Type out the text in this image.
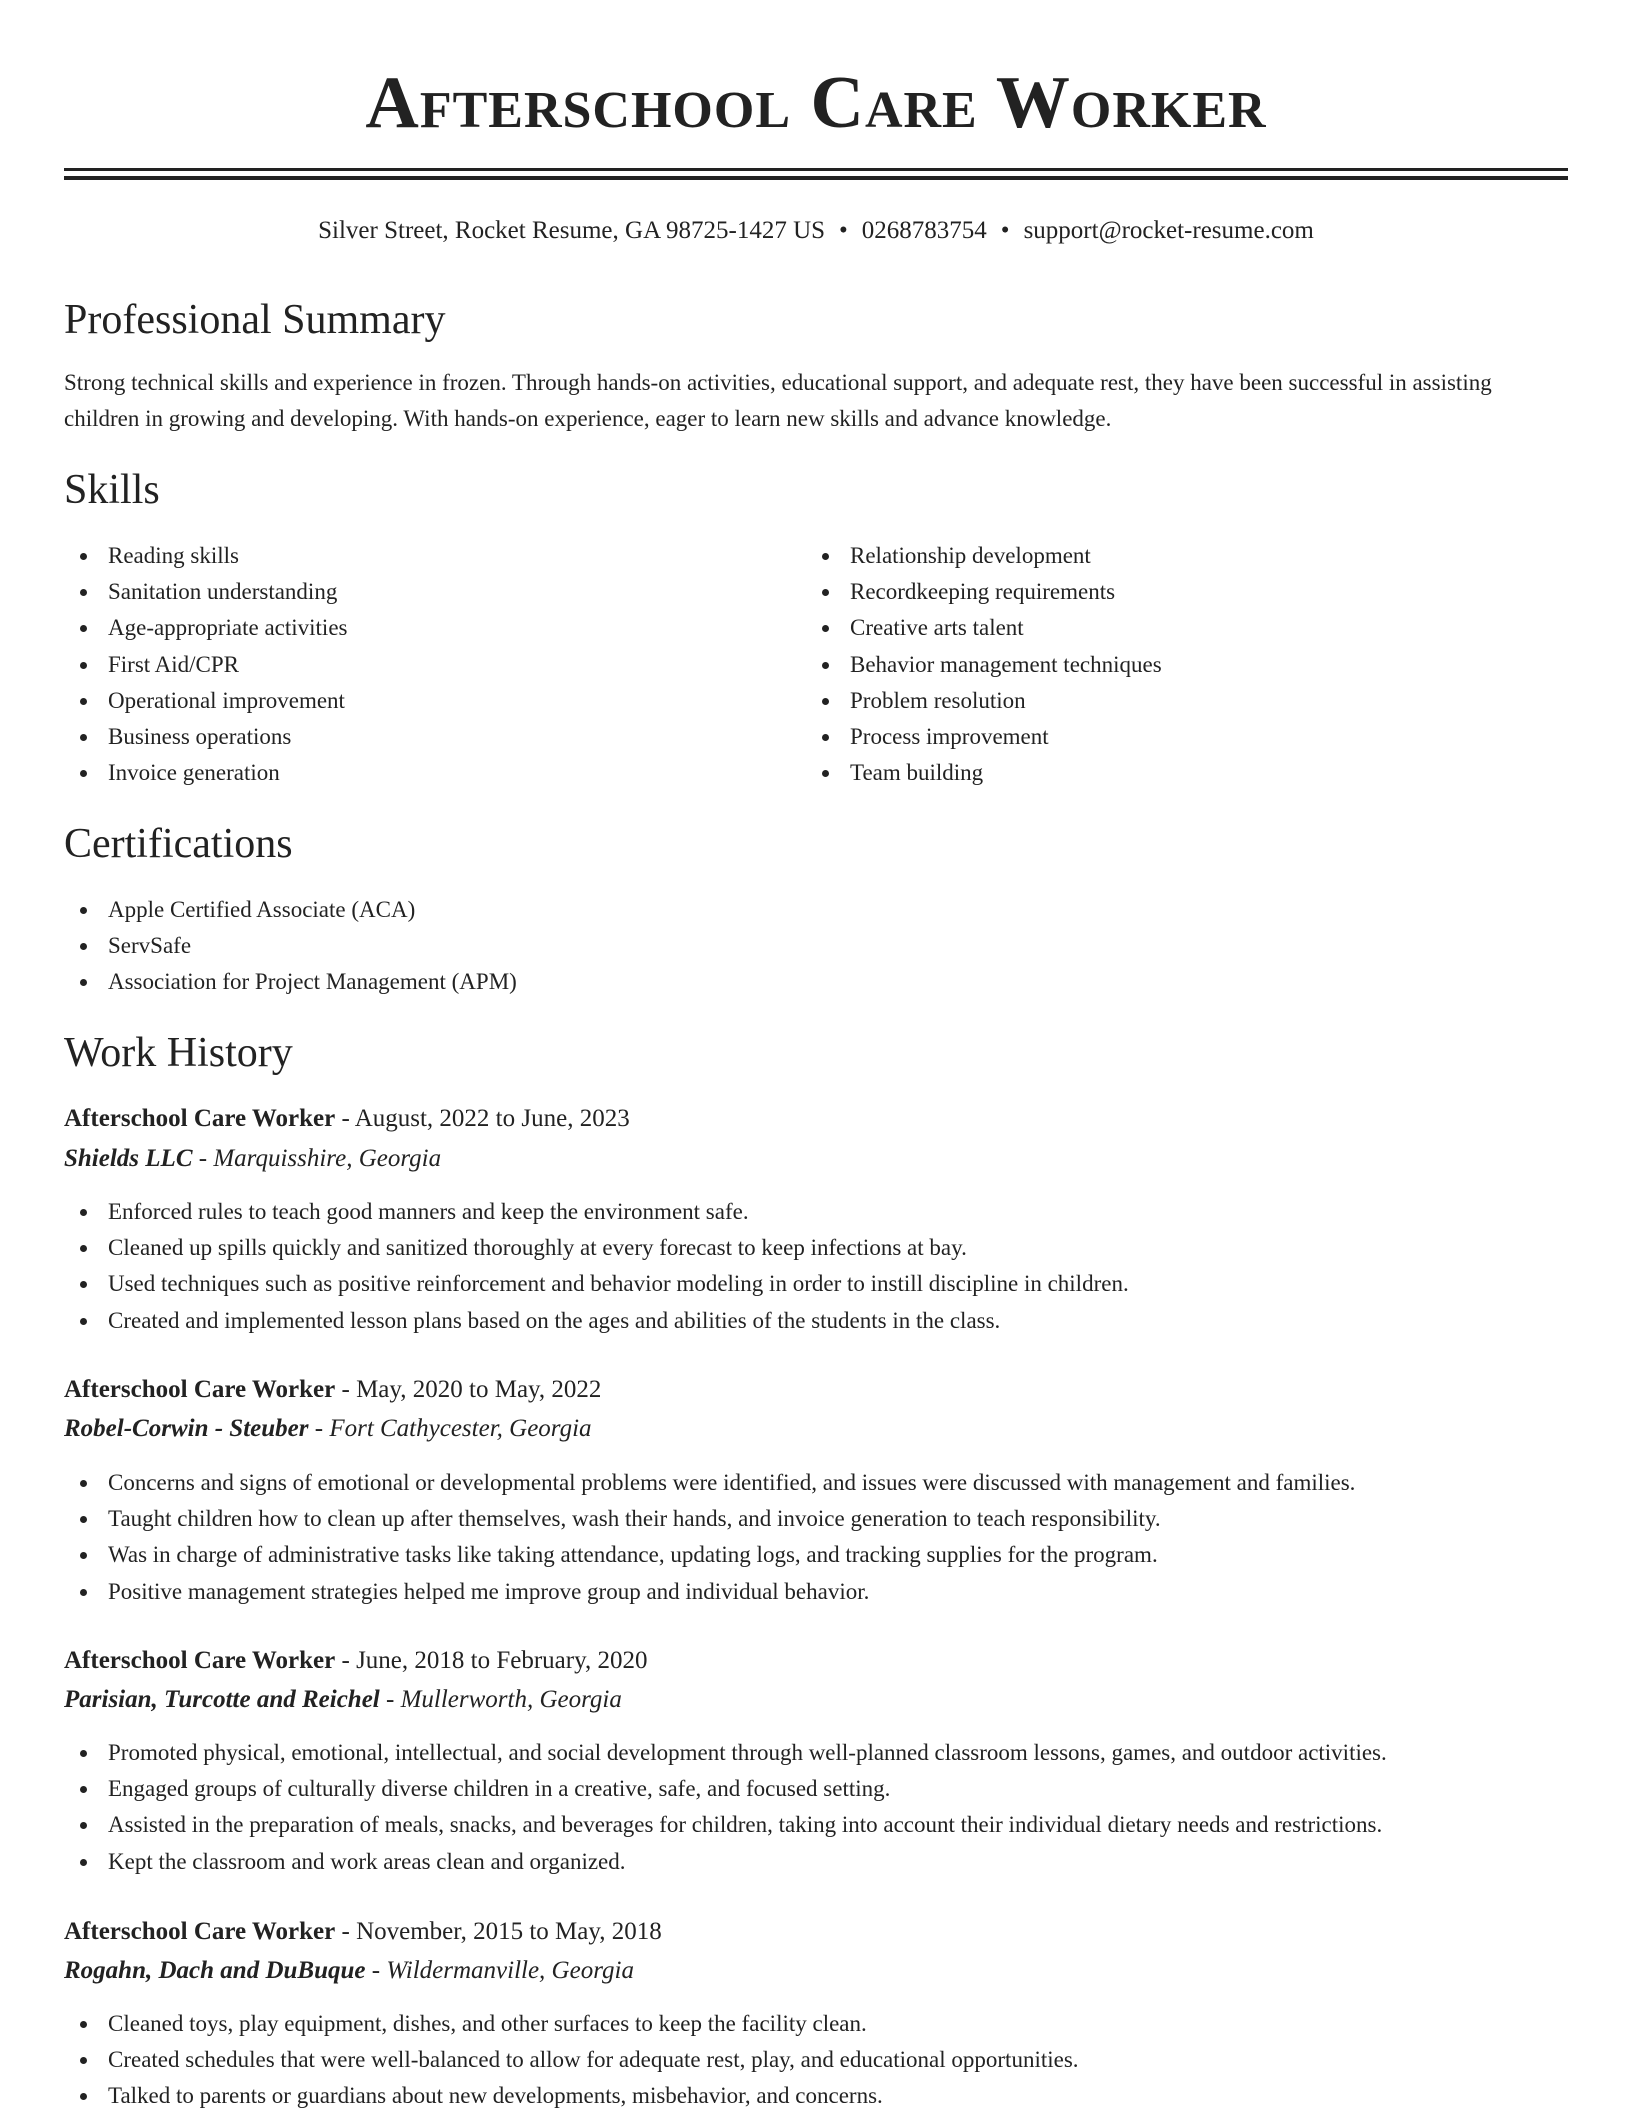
Afterschool Care Worker
Silver Street, Rocket Resume, GA 98725-1427 US • 0268783754 • support@rocket-resume.com
Professional Summary

Strong technical skills and experience in frozen. Through hands-on activities, educational support, and adequate rest, they have been successful in assisting children in growing and developing. With hands-on experience, eager to learn new skills and advance knowledge.

Skills
Reading skills
Sanitation understanding
Age-appropriate activities
First Aid/CPR
Operational improvement
Business operations
Invoice generation
Relationship development
Recordkeeping requirements
Creative arts talent
Behavior management techniques
Problem resolution
Process improvement
Team building
Certifications
Apple Certified Associate (ACA)
ServSafe
Association for Project Management (APM)
Work History
Afterschool Care Worker - August, 2022 to June, 2023
Shields LLC - Marquisshire, Georgia
Enforced rules to teach good manners and keep the environment safe.
Cleaned up spills quickly and sanitized thoroughly at every forecast to keep infections at bay.
Used techniques such as positive reinforcement and behavior modeling in order to instill discipline in children.
Created and implemented lesson plans based on the ages and abilities of the students in the class.
Afterschool Care Worker - May, 2020 to May, 2022
Robel-Corwin - Steuber - Fort Cathycester, Georgia
Concerns and signs of emotional or developmental problems were identified, and issues were discussed with management and families.
Taught children how to clean up after themselves, wash their hands, and invoice generation to teach responsibility.
Was in charge of administrative tasks like taking attendance, updating logs, and tracking supplies for the program.
Positive management strategies helped me improve group and individual behavior.
Afterschool Care Worker - June, 2018 to February, 2020
Parisian, Turcotte and Reichel - Mullerworth, Georgia
Promoted physical, emotional, intellectual, and social development through well-planned classroom lessons, games, and outdoor activities.
Engaged groups of culturally diverse children in a creative, safe, and focused setting.
Assisted in the preparation of meals, snacks, and beverages for children, taking into account their individual dietary needs and restrictions.
Kept the classroom and work areas clean and organized.
Afterschool Care Worker - November, 2015 to May, 2018
Rogahn, Dach and DuBuque - Wildermanville, Georgia
Cleaned toys, play equipment, dishes, and other surfaces to keep the facility clean.
Created schedules that were well-balanced to allow for adequate rest, play, and educational opportunities.
Talked to parents or guardians about new developments, misbehavior, and concerns.
